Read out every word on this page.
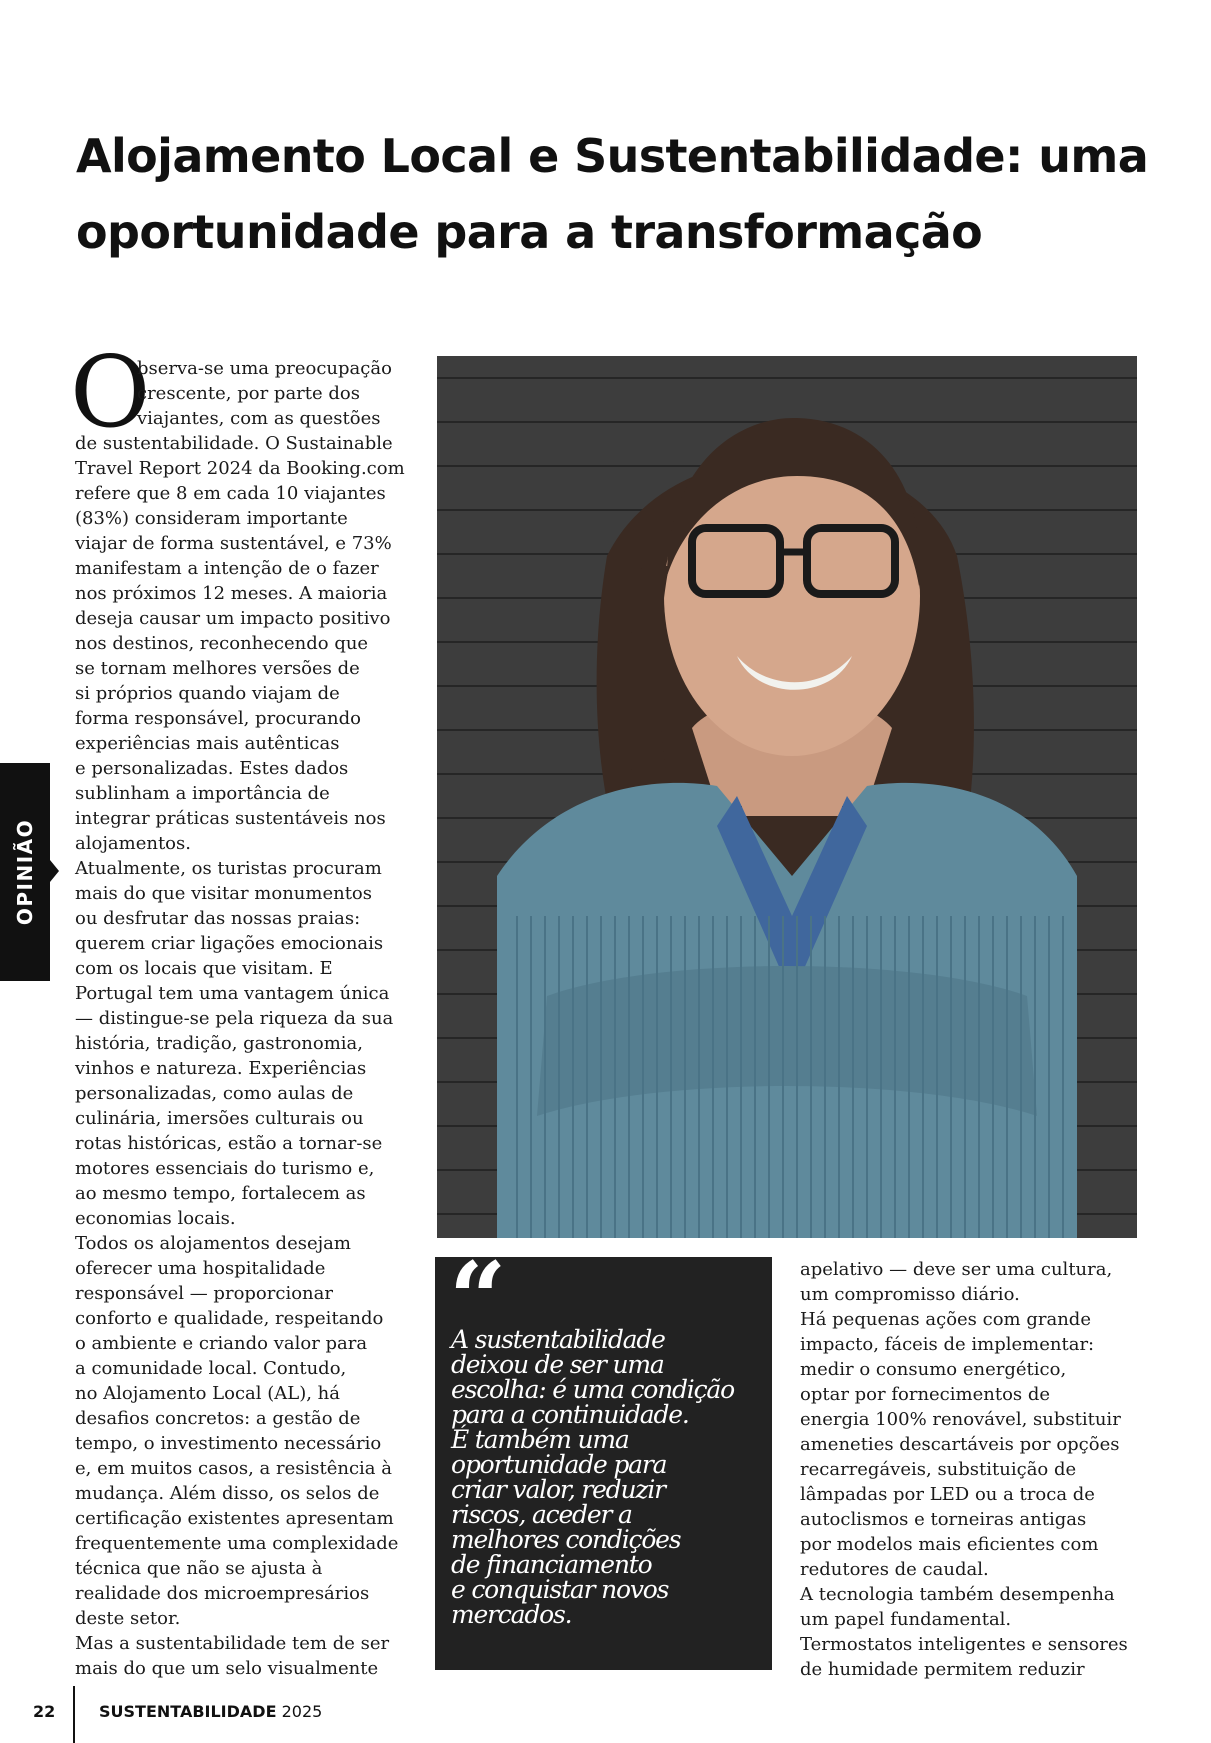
Alojamento Local e Sustentabilidade: uma
oportunidade para a transformação
OPINIÃO
O
bserva-se uma preocupação
crescente, por parte dos
viajantes, com as questões
de sustentabilidade. O Sustainable
Travel Report 2024 da Booking.com
refere que 8 em cada 10 viajantes
(83%) consideram importante
viajar de forma sustentável, e 73%
manifestam a intenção de o fazer
nos próximos 12 meses. A maioria
deseja causar um impacto positivo
nos destinos, reconhecendo que
se tornam melhores versões de
si próprios quando viajam de
forma responsável, procurando
experiências mais autênticas
e personalizadas. Estes dados
sublinham a importância de
integrar práticas sustentáveis nos
alojamentos.
Atualmente, os turistas procuram
mais do que visitar monumentos
ou desfrutar das nossas praias:
querem criar ligações emocionais
com os locais que visitam. E
Portugal tem uma vantagem única
— distingue-se pela riqueza da sua
história, tradição, gastronomia,
vinhos e natureza. Experiências
personalizadas, como aulas de
culinária, imersões culturais ou
rotas históricas, estão a tornar-se
motores essenciais do turismo e,
ao mesmo tempo, fortalecem as
economias locais.
Todos os alojamentos desejam
oferecer uma hospitalidade
responsável — proporcionar
conforto e qualidade, respeitando
o ambiente e criando valor para
a comunidade local. Contudo,
no Alojamento Local (AL), há
desafios concretos: a gestão de
tempo, o investimento necessário
e, em muitos casos, a resistência à
mudança. Além disso, os selos de
certificação existentes apresentam
frequentemente uma complexidade
técnica que não se ajusta à
realidade dos microempresários
deste setor.
Mas a sustentabilidade tem de ser
mais do que um selo visualmente
“
A sustentabilidade
deixou de ser uma
escolha: é uma condição
para a continuidade.
É também uma
oportunidade para
criar valor, reduzir
riscos, aceder a
melhores condições
de financiamento
e conquistar novos
mercados.
apelativo — deve ser uma cultura,
um compromisso diário.
Há pequenas ações com grande
impacto, fáceis de implementar:
medir o consumo energético,
optar por fornecimentos de
energia 100% renovável, substituir
ameneties descartáveis por opções
recarregáveis, substituição de
lâmpadas por LED ou a troca de
autoclismos e torneiras antigas
por modelos mais eficientes com
redutores de caudal.
A tecnologia também desempenha
um papel fundamental.
Termostatos inteligentes e sensores
de humidade permitem reduzir
22	SUSTENTABILIDADE 2025
